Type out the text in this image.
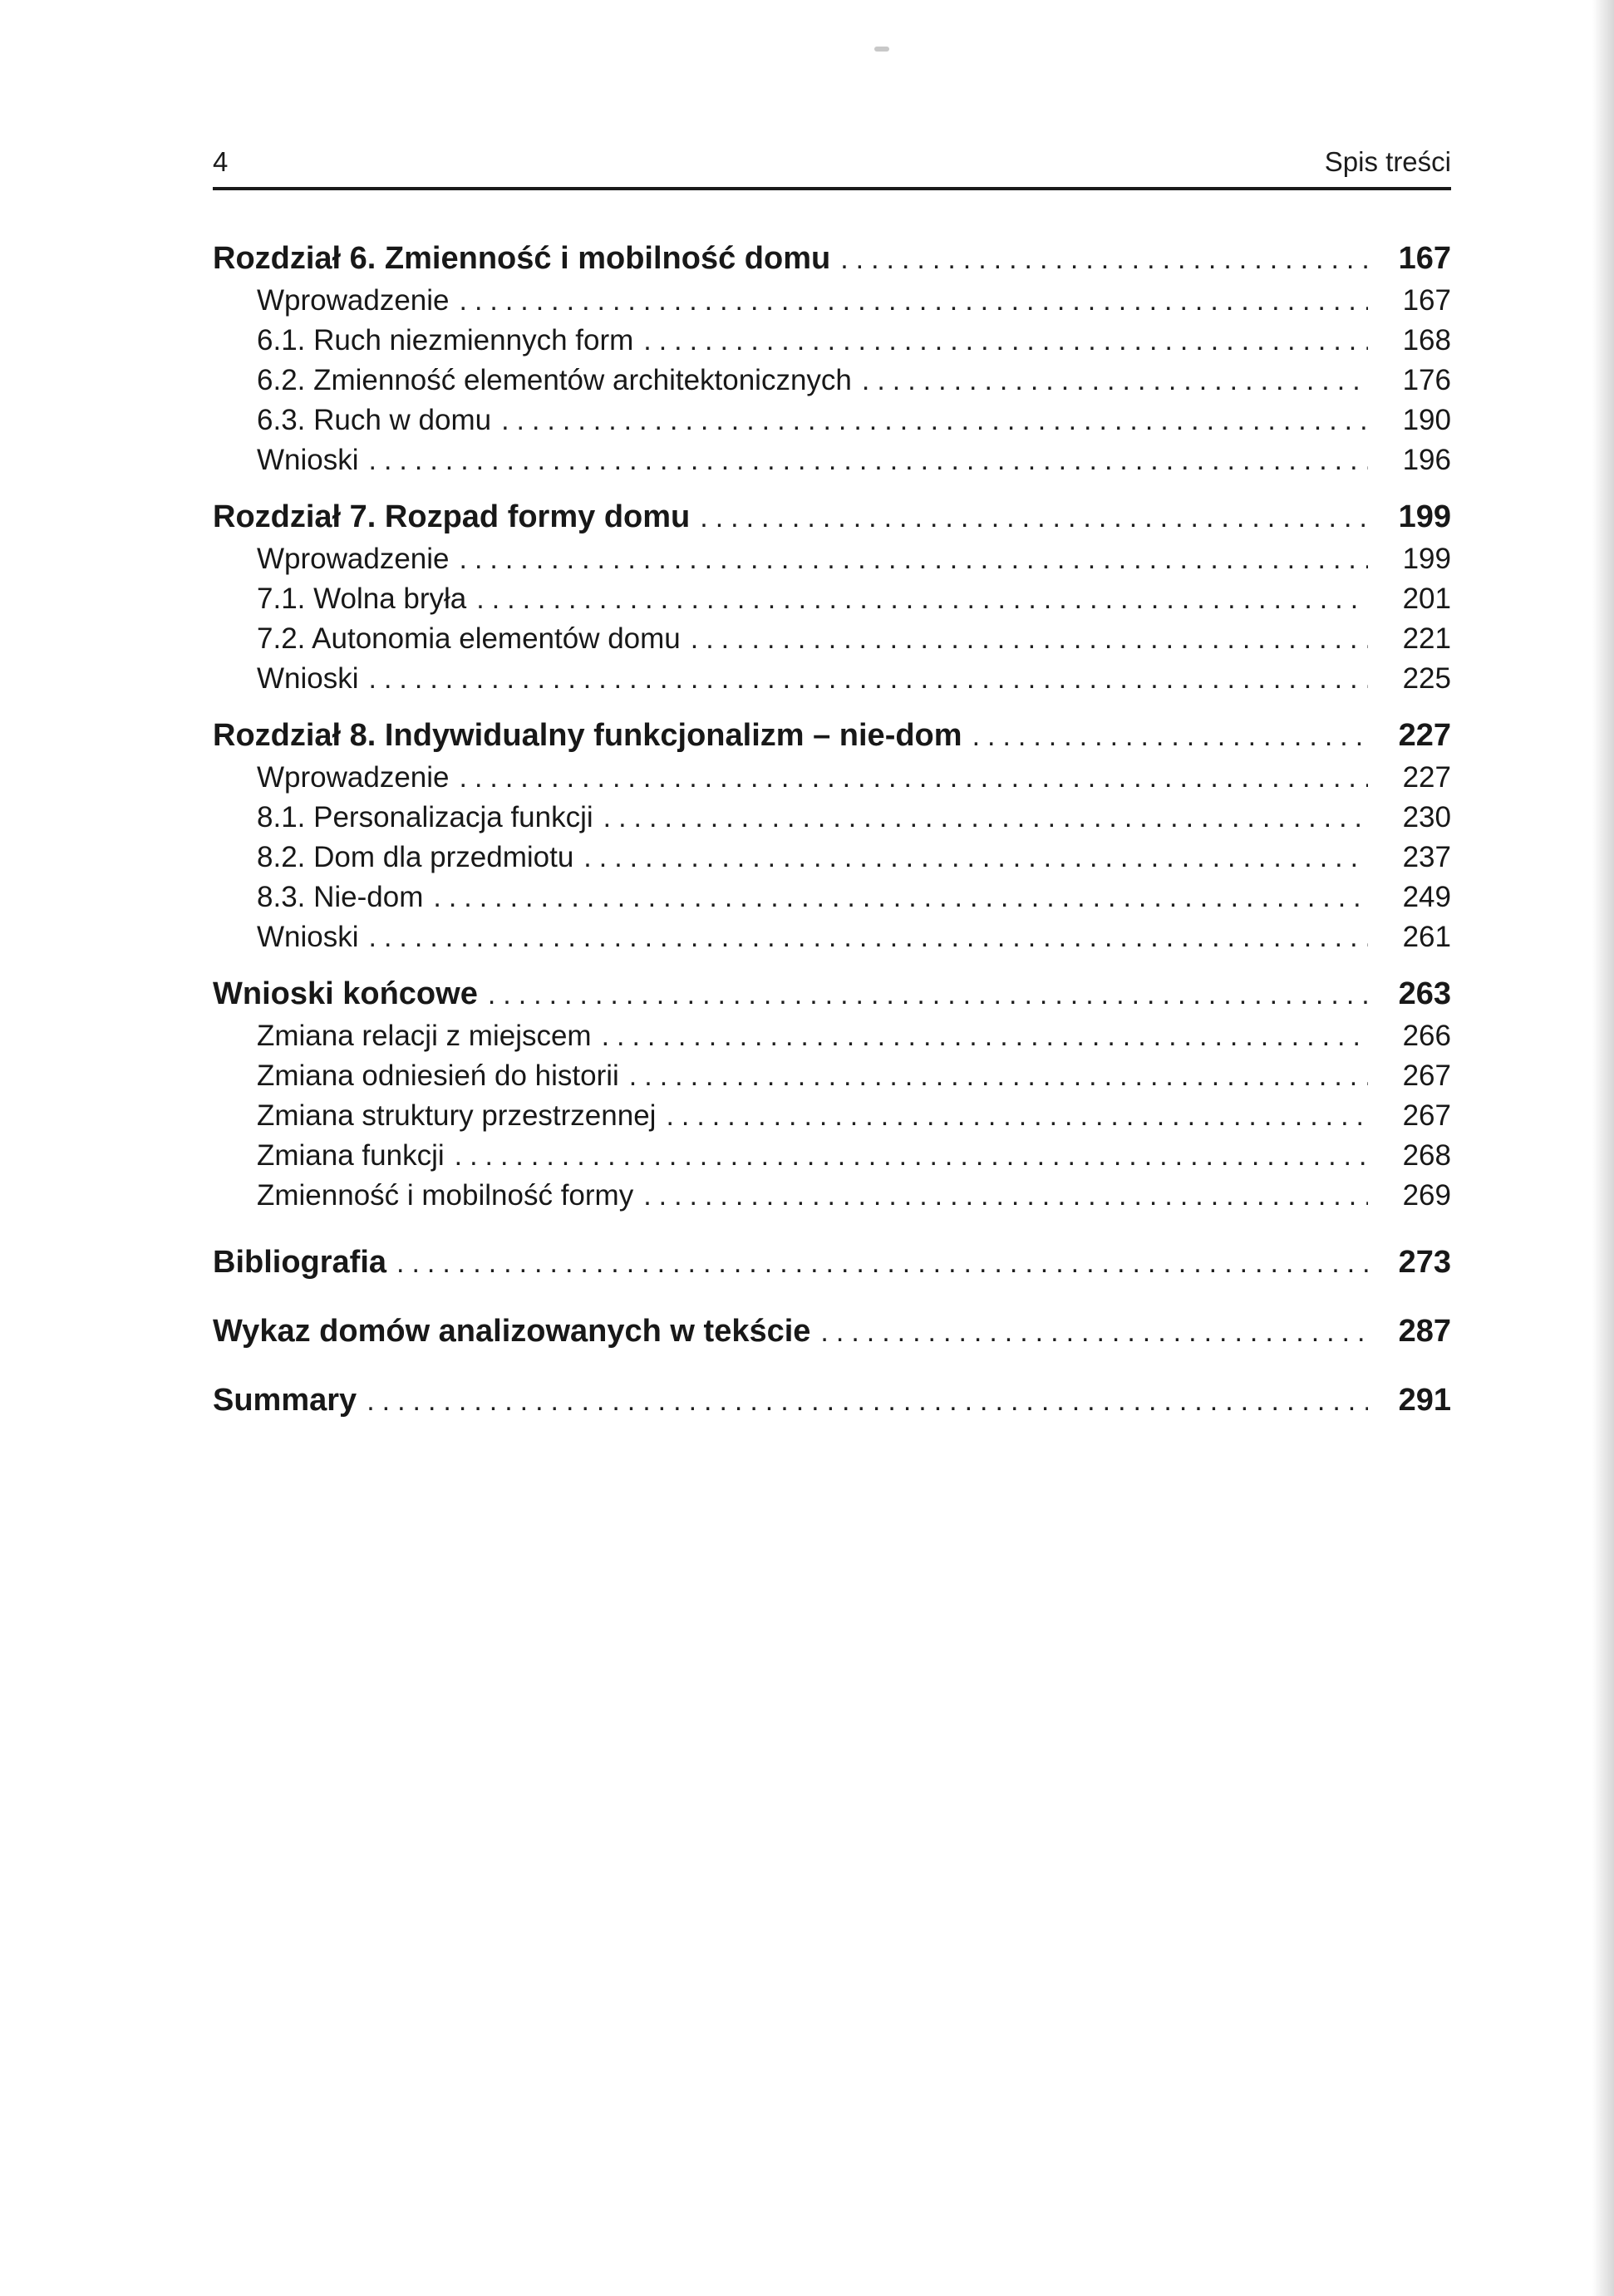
4	Spis treści
Rozdział 6. Zmienność i mobilność domu .....	167
Wprowadzenie .....	167
6.1. Ruch niezmiennych form .....	168
6.2. Zmienność elementów architektonicznych .....	176
6.3. Ruch w domu .....	190
Wnioski .....	196
Rozdział 7. Rozpad formy domu .....	199
Wprowadzenie .....	199
7.1. Wolna bryła .....	201
7.2. Autonomia elementów domu .....	221
Wnioski .....	225
Rozdział 8. Indywidualny funkcjonalizm – nie-dom .....	227
Wprowadzenie .....	227
8.1. Personalizacja funkcji .....	230
8.2. Dom dla przedmiotu .....	237
8.3. Nie-dom .....	249
Wnioski .....	261
Wnioski końcowe .....	263
Zmiana relacji z miejscem .....	266
Zmiana odniesień do historii .....	267
Zmiana struktury przestrzennej .....	267
Zmiana funkcji .....	268
Zmienność i mobilność formy .....	269
Bibliografia .....	273
Wykaz domów analizowanych w tekście .....	287
Summary .....	291
